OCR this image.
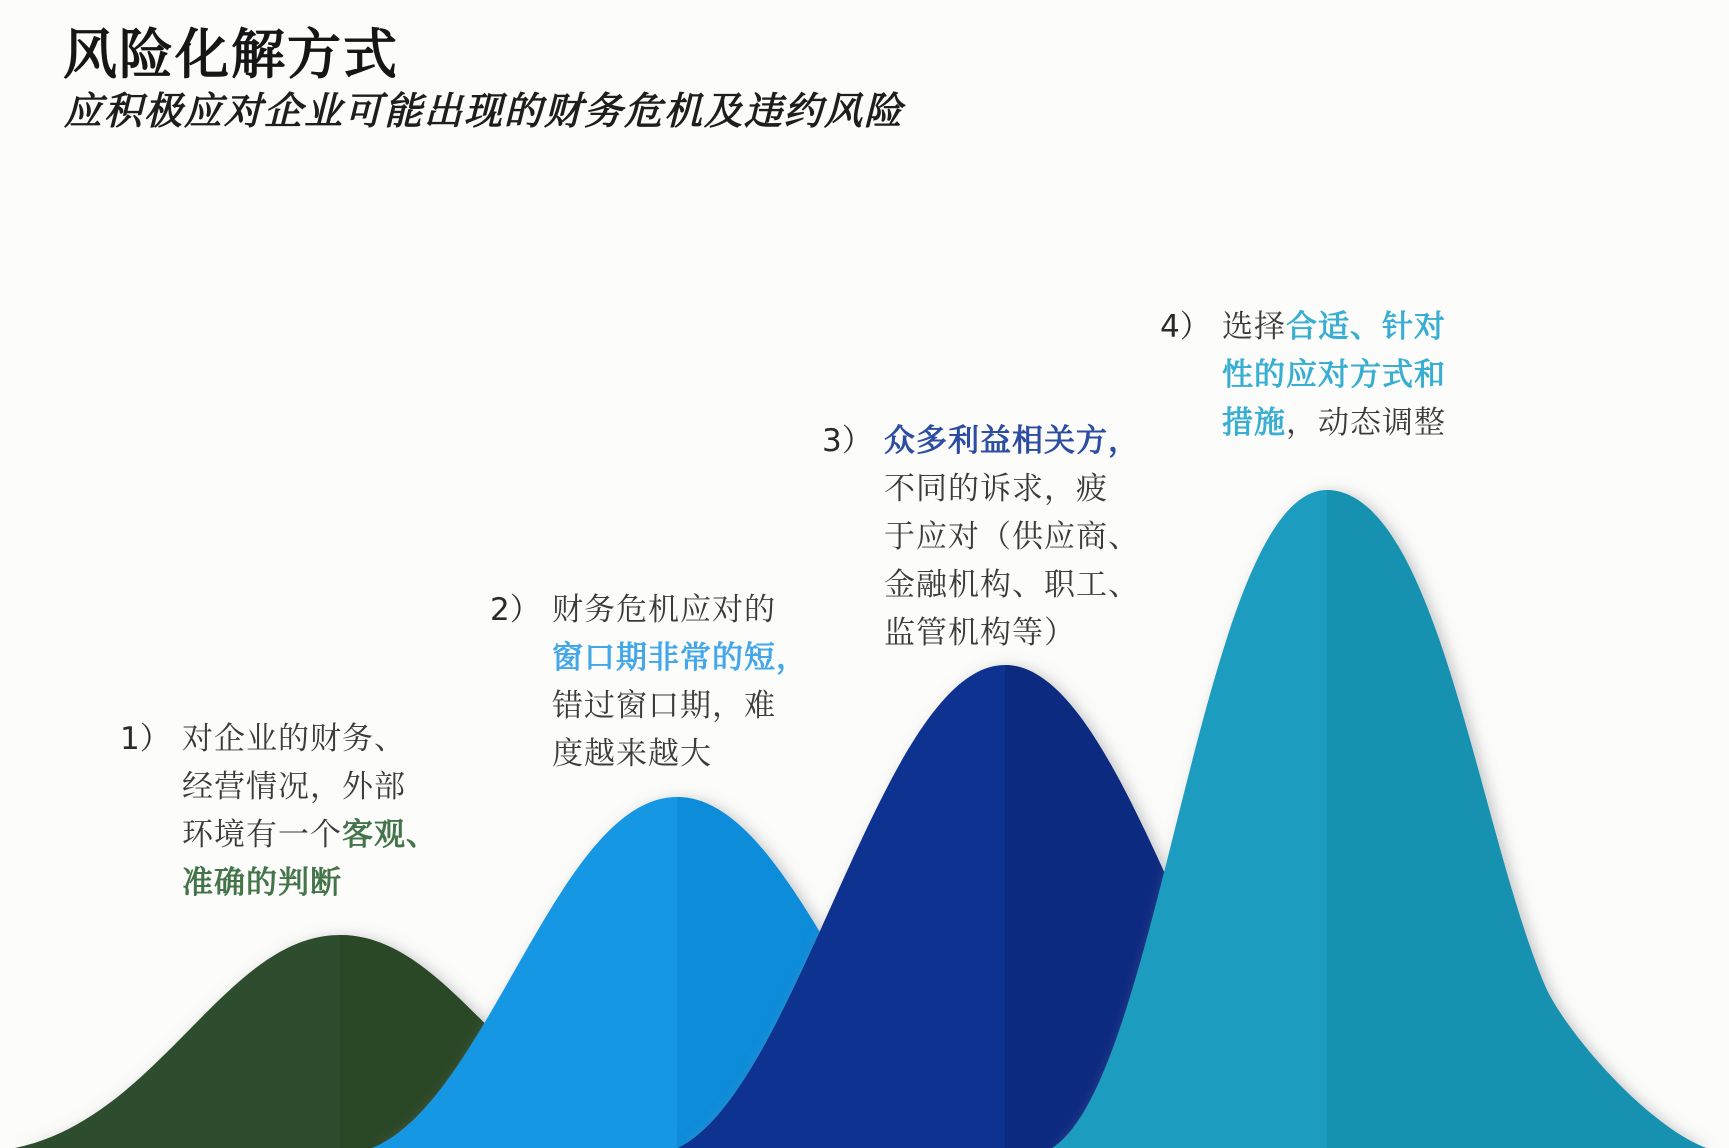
风险化解方式
应积极应对企业可能出现的财务危机及违约风险
1） 对企业的财务、
经营情况，外部
环境有一个客观、
准确的判断
2） 财务危机应对的
窗口期非常的短，
错过窗口期，难
度越来越大
3） 众多利益相关方，
不同的诉求，疲
于应对（供应商、
金融机构、职工、
监管机构等）
4） 选择合适、针对
性的应对方式和
措施，动态调整
